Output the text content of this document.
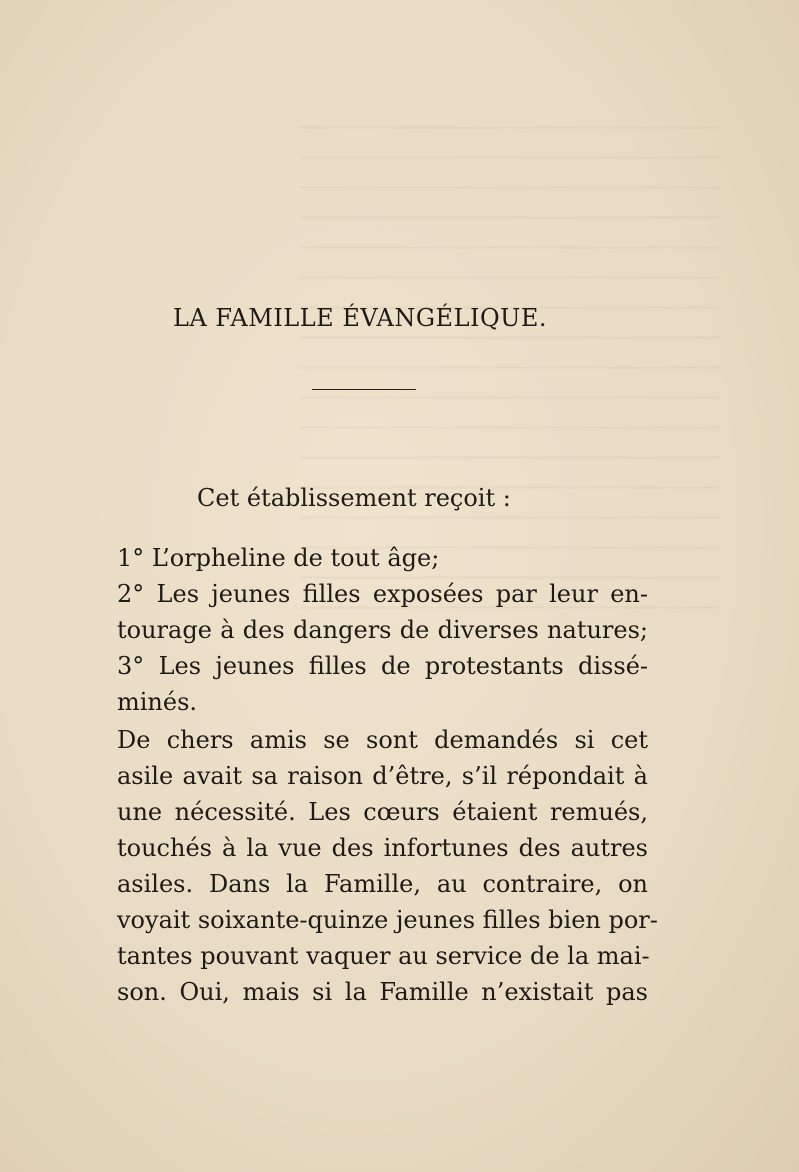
LA FAMILLE ÉVANGÉLIQUE.
Cet établissement reçoit :
1° L’orpheline de tout âge;
2° Les jeunes filles exposées par leur en-
tourage à des dangers de diverses natures;
3° Les jeunes filles de protestants dissé-
minés.
De chers amis se sont demandés si cet
asile avait sa raison d’être, s’il répondait à
une nécessité. Les cœurs étaient remués,
touchés à la vue des infortunes des autres
asiles. Dans la Famille, au contraire, on
voyait soixante-quinze jeunes filles bien por-
tantes pouvant vaquer au service de la mai-
son. Oui, mais si la Famille n’existait pas
